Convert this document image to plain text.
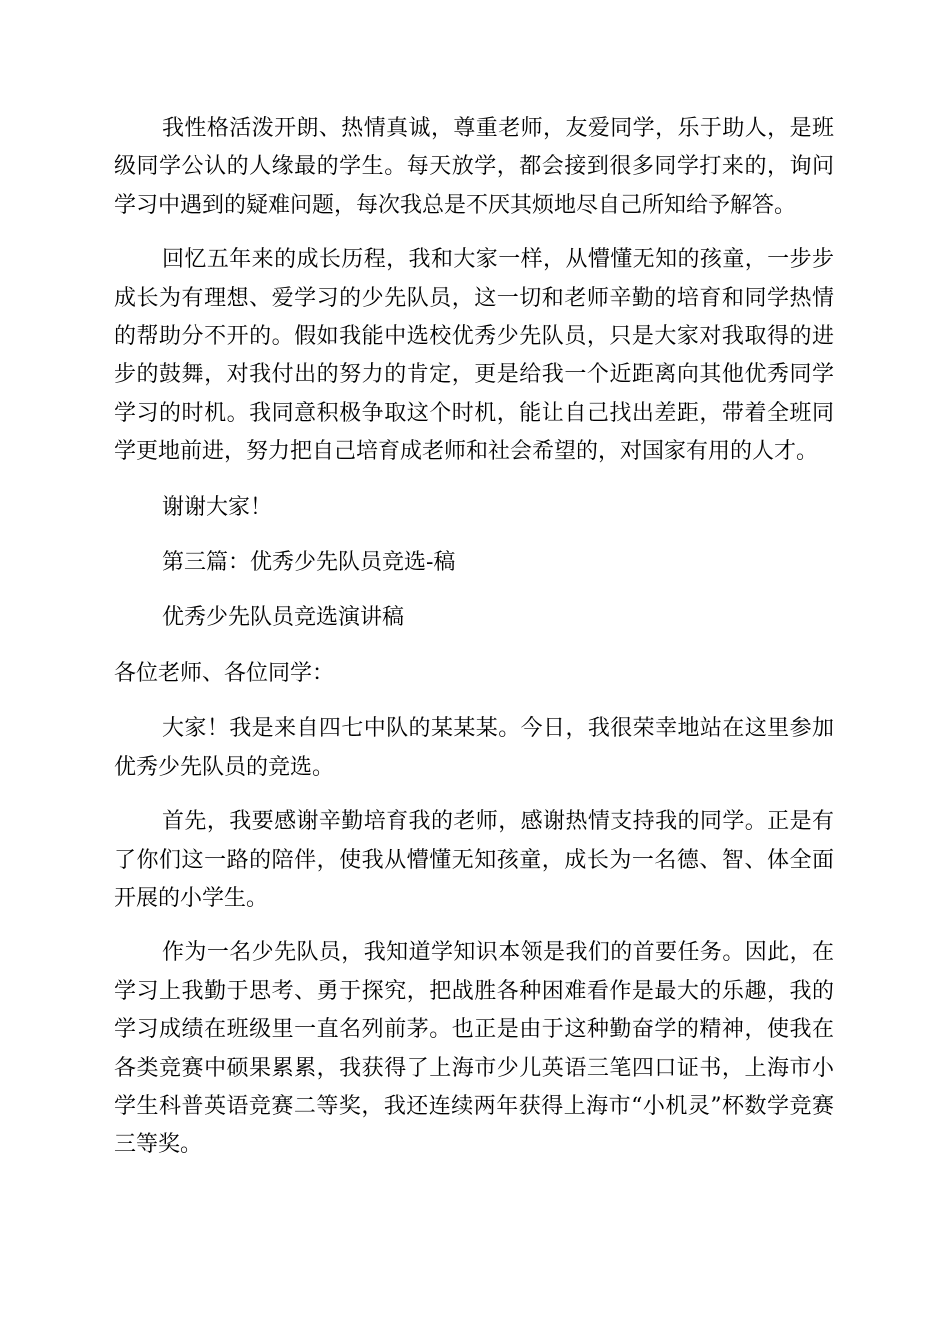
我性格活泼开朗、热情真诚，尊重老师，友爱同学，乐于助人，是班级同学公认的人缘最的学生。每天放学，都会接到很多同学打来的，询问学习中遇到的疑难问题，每次我总是不厌其烦地尽自己所知给予解答。

回忆五年来的成长历程，我和大家一样，从懵懂无知的孩童，一步步成长为有理想、爱学习的少先队员，这一切和老师辛勤的培育和同学热情的帮助分不开的。假如我能中选校优秀少先队员，只是大家对我取得的进步的鼓舞，对我付出的努力的肯定，更是给我一个近距离向其他优秀同学学习的时机。我同意积极争取这个时机，能让自己找出差距，带着全班同学更地前进，努力把自己培育成老师和社会希望的，对国家有用的人才。

谢谢大家！

第三篇：优秀少先队员竞选-稿

优秀少先队员竞选演讲稿

各位老师、各位同学：

大家！我是来自四七中队的某某某。今日，我很荣幸地站在这里参加优秀少先队员的竞选。

首先，我要感谢辛勤培育我的老师，感谢热情支持我的同学。正是有了你们这一路的陪伴，使我从懵懂无知孩童，成长为一名德、智、体全面开展的小学生。

作为一名少先队员，我知道学知识本领是我们的首要任务。因此，在学习上我勤于思考、勇于探究，把战胜各种困难看作是最大的乐趣，我的学习成绩在班级里一直名列前茅。也正是由于这种勤奋学的精神，使我在各类竞赛中硕果累累，我获得了上海市少儿英语三笔四口证书，上海市小学生科普英语竞赛二等奖，我还连续两年获得上海市“小机灵”杯数学竞赛三等奖。
